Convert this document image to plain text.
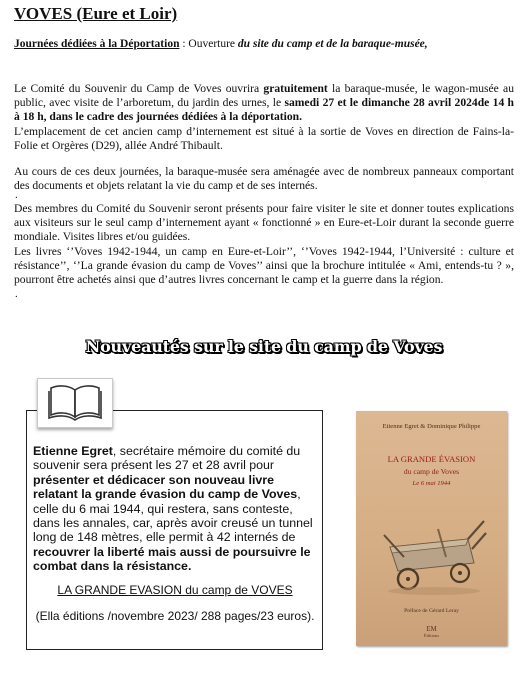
VOVES (Eure et Loir)
Journées dédiées à la Déportation : Ouverture du site du camp et de la baraque-musée,
Le Comité du Souvenir du Camp de Voves ouvrira gratuitement la baraque-musée, le wagon-musée au public, avec visite de l’arboretum, du jardin des urnes, le samedi 27 et le dimanche 28 avril 2024de 14 h à 18 h, dans le cadre des journées dédiées à la déportation.
L’emplacement de cet ancien camp d’internement est situé à la sortie de Voves en direction de Fains-la-Folie et Orgères (D29), allée André Thibault.
Au cours de ces deux journées, la baraque-musée sera aménagée avec de nombreux panneaux comportant des documents et objets relatant la vie du camp et de ses internés.
.
Des membres du Comité du Souvenir seront présents pour faire visiter le site et donner toutes explications aux visiteurs sur le seul camp d’internement ayant « fonctionné » en Eure-et-Loir durant la seconde guerre mondiale. Visites libres et/ou guidées.
Les livres ‘’Voves 1942-1944, un camp en Eure-et-Loir’’, ‘’Voves 1942-1944, l’Université : culture et résistance’’, ‘’La grande évasion du camp de Voves’’ ainsi que la brochure intitulée « Ami, entends-tu ? », pourront être achetés ainsi que d’autres livres concernant le camp et la guerre dans la région.
.
Nouveautés sur le site du camp de Voves
Etienne Egret, secrétaire mémoire du comité du souvenir sera présent les 27 et 28 avril pour présenter et dédicacer son nouveau livre relatant la grande évasion du camp de Voves, celle du 6 mai 1944, qui restera, sans conteste, dans les annales, car, après avoir creusé un tunnel long de 148 mètres, elle permit à 42 internés de recouvrer la liberté mais aussi de poursuivre le combat dans la résistance.
LA GRANDE EVASION du camp de VOVES
(Ella éditions /novembre 2023/ 288 pages/23 euros).
Etienne Egret & Dominique Philippe
LA GRANDE ÉVASION
du camp de Voves
Le 6 mai 1944
Préface de Gérard Leray
EM
Éditions
